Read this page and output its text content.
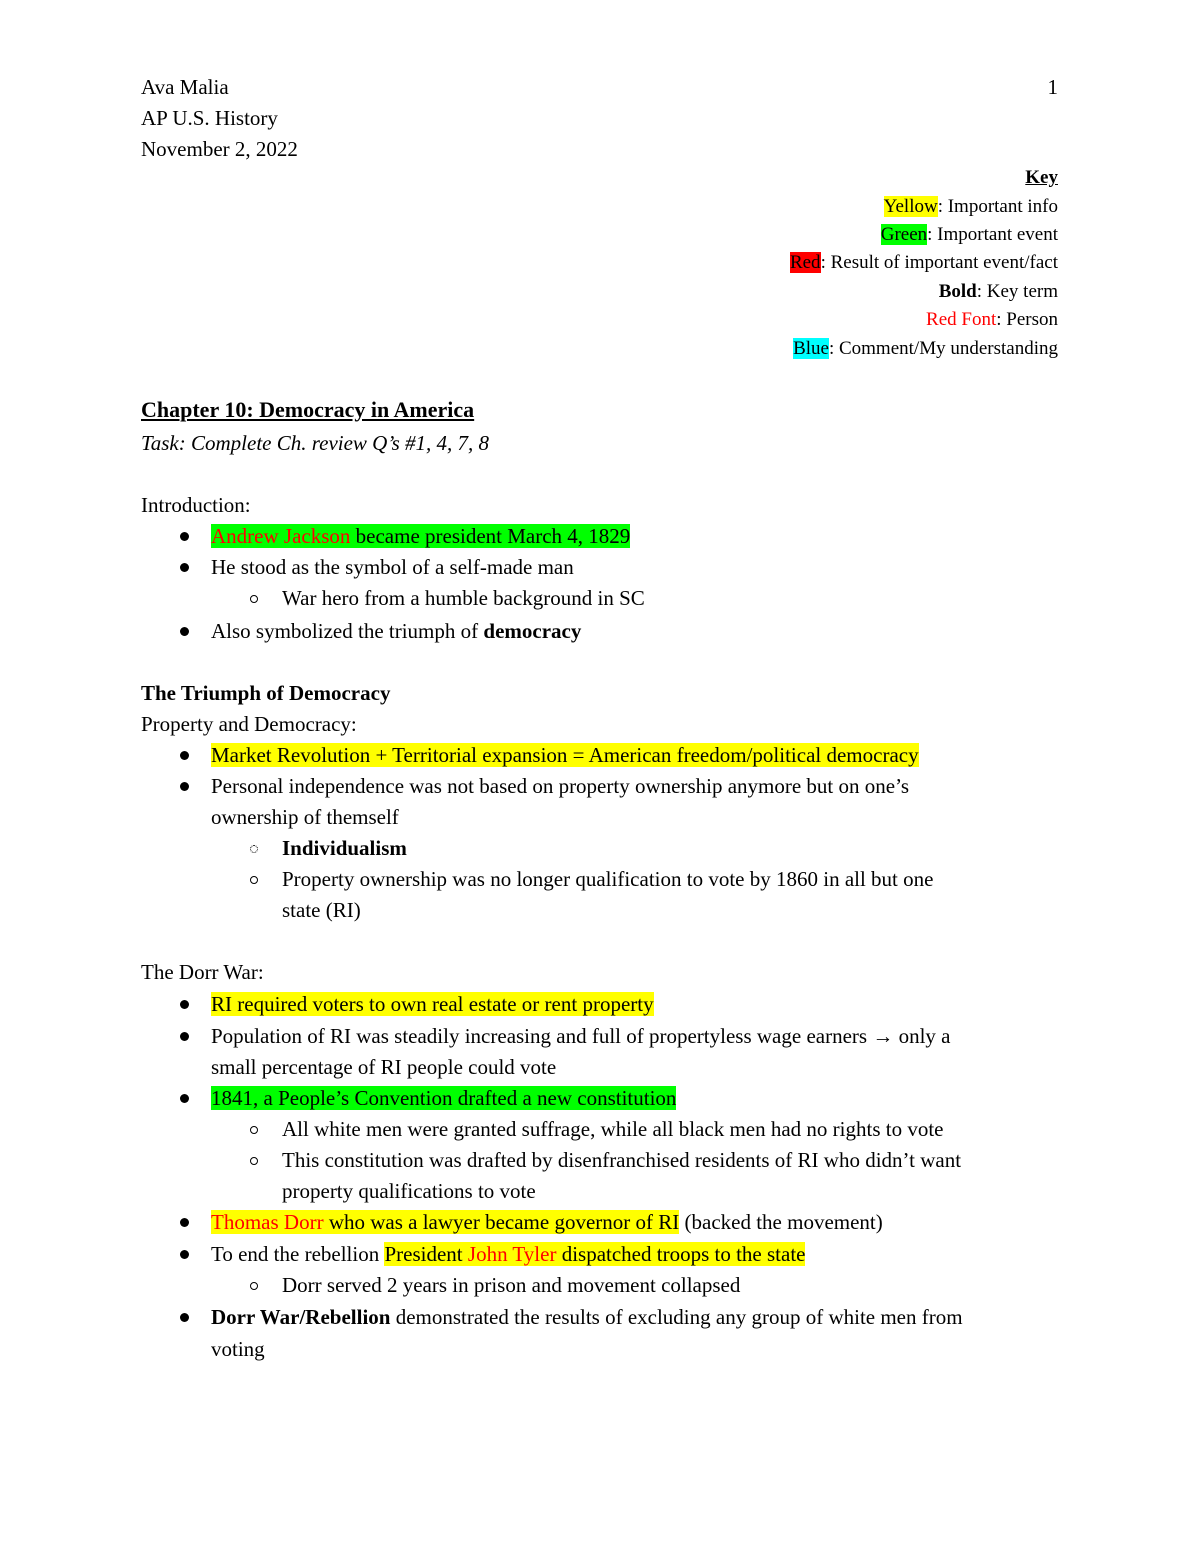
Ava Malia
AP U.S. History
November 2, 2022
1
Key
Yellow: Important info
Green: Important event
Red: Result of important event/fact
Bold: Key term
Red Font: Person
Blue: Comment/My understanding
Chapter 10: Democracy in America
Task: Complete Ch. review Q’s #1, 4, 7, 8
Introduction:
Andrew Jackson became president March 4, 1829
He stood as the symbol of a self-made man
War hero from a humble background in SC
Also symbolized the triumph of democracy
The Triumph of Democracy
Property and Democracy:
Market Revolution + Territorial expansion = American freedom/political democracy
Personal independence was not based on property ownership anymore but on one’s
ownership of themself
Individualism
Property ownership was no longer qualification to vote by 1860 in all but one
state (RI)
The Dorr War:
RI required voters to own real estate or rent property
Population of RI was steadily increasing and full of propertyless wage earners → only a
small percentage of RI people could vote
1841, a People’s Convention drafted a new constitution
All white men were granted suffrage, while all black men had no rights to vote
This constitution was drafted by disenfranchised residents of RI who didn’t want
property qualifications to vote
Thomas Dorr who was a lawyer became governor of RI (backed the movement)
To end the rebellion President John Tyler dispatched troops to the state
Dorr served 2 years in prison and movement collapsed
Dorr War/Rebellion demonstrated the results of excluding any group of white men from
voting
